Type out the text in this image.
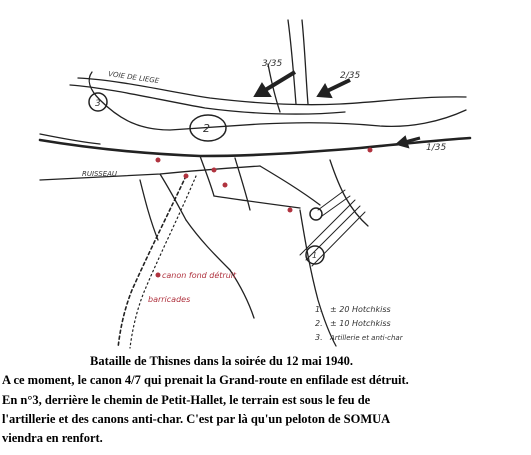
VOIE DE LIEGE
RUISSEAU
3/35
2/35
1/35
3
2
1
canon fond détruit
barricades
1. ± 20 Hotchkiss
2. ± 10 Hotchkiss
3. Artillerie et anti-char
Bataille de Thisnes dans la soirée du 12 mai 1940.
A ce moment, le canon 4/7 qui prenait la Grand-route en enfilade est détruit.
En n°3, derrière le chemin de Petit-Hallet, le terrain est sous le feu de
l'artillerie et des canons anti-char. C'est par là qu'un peloton de SOMUA
viendra en renfort.
